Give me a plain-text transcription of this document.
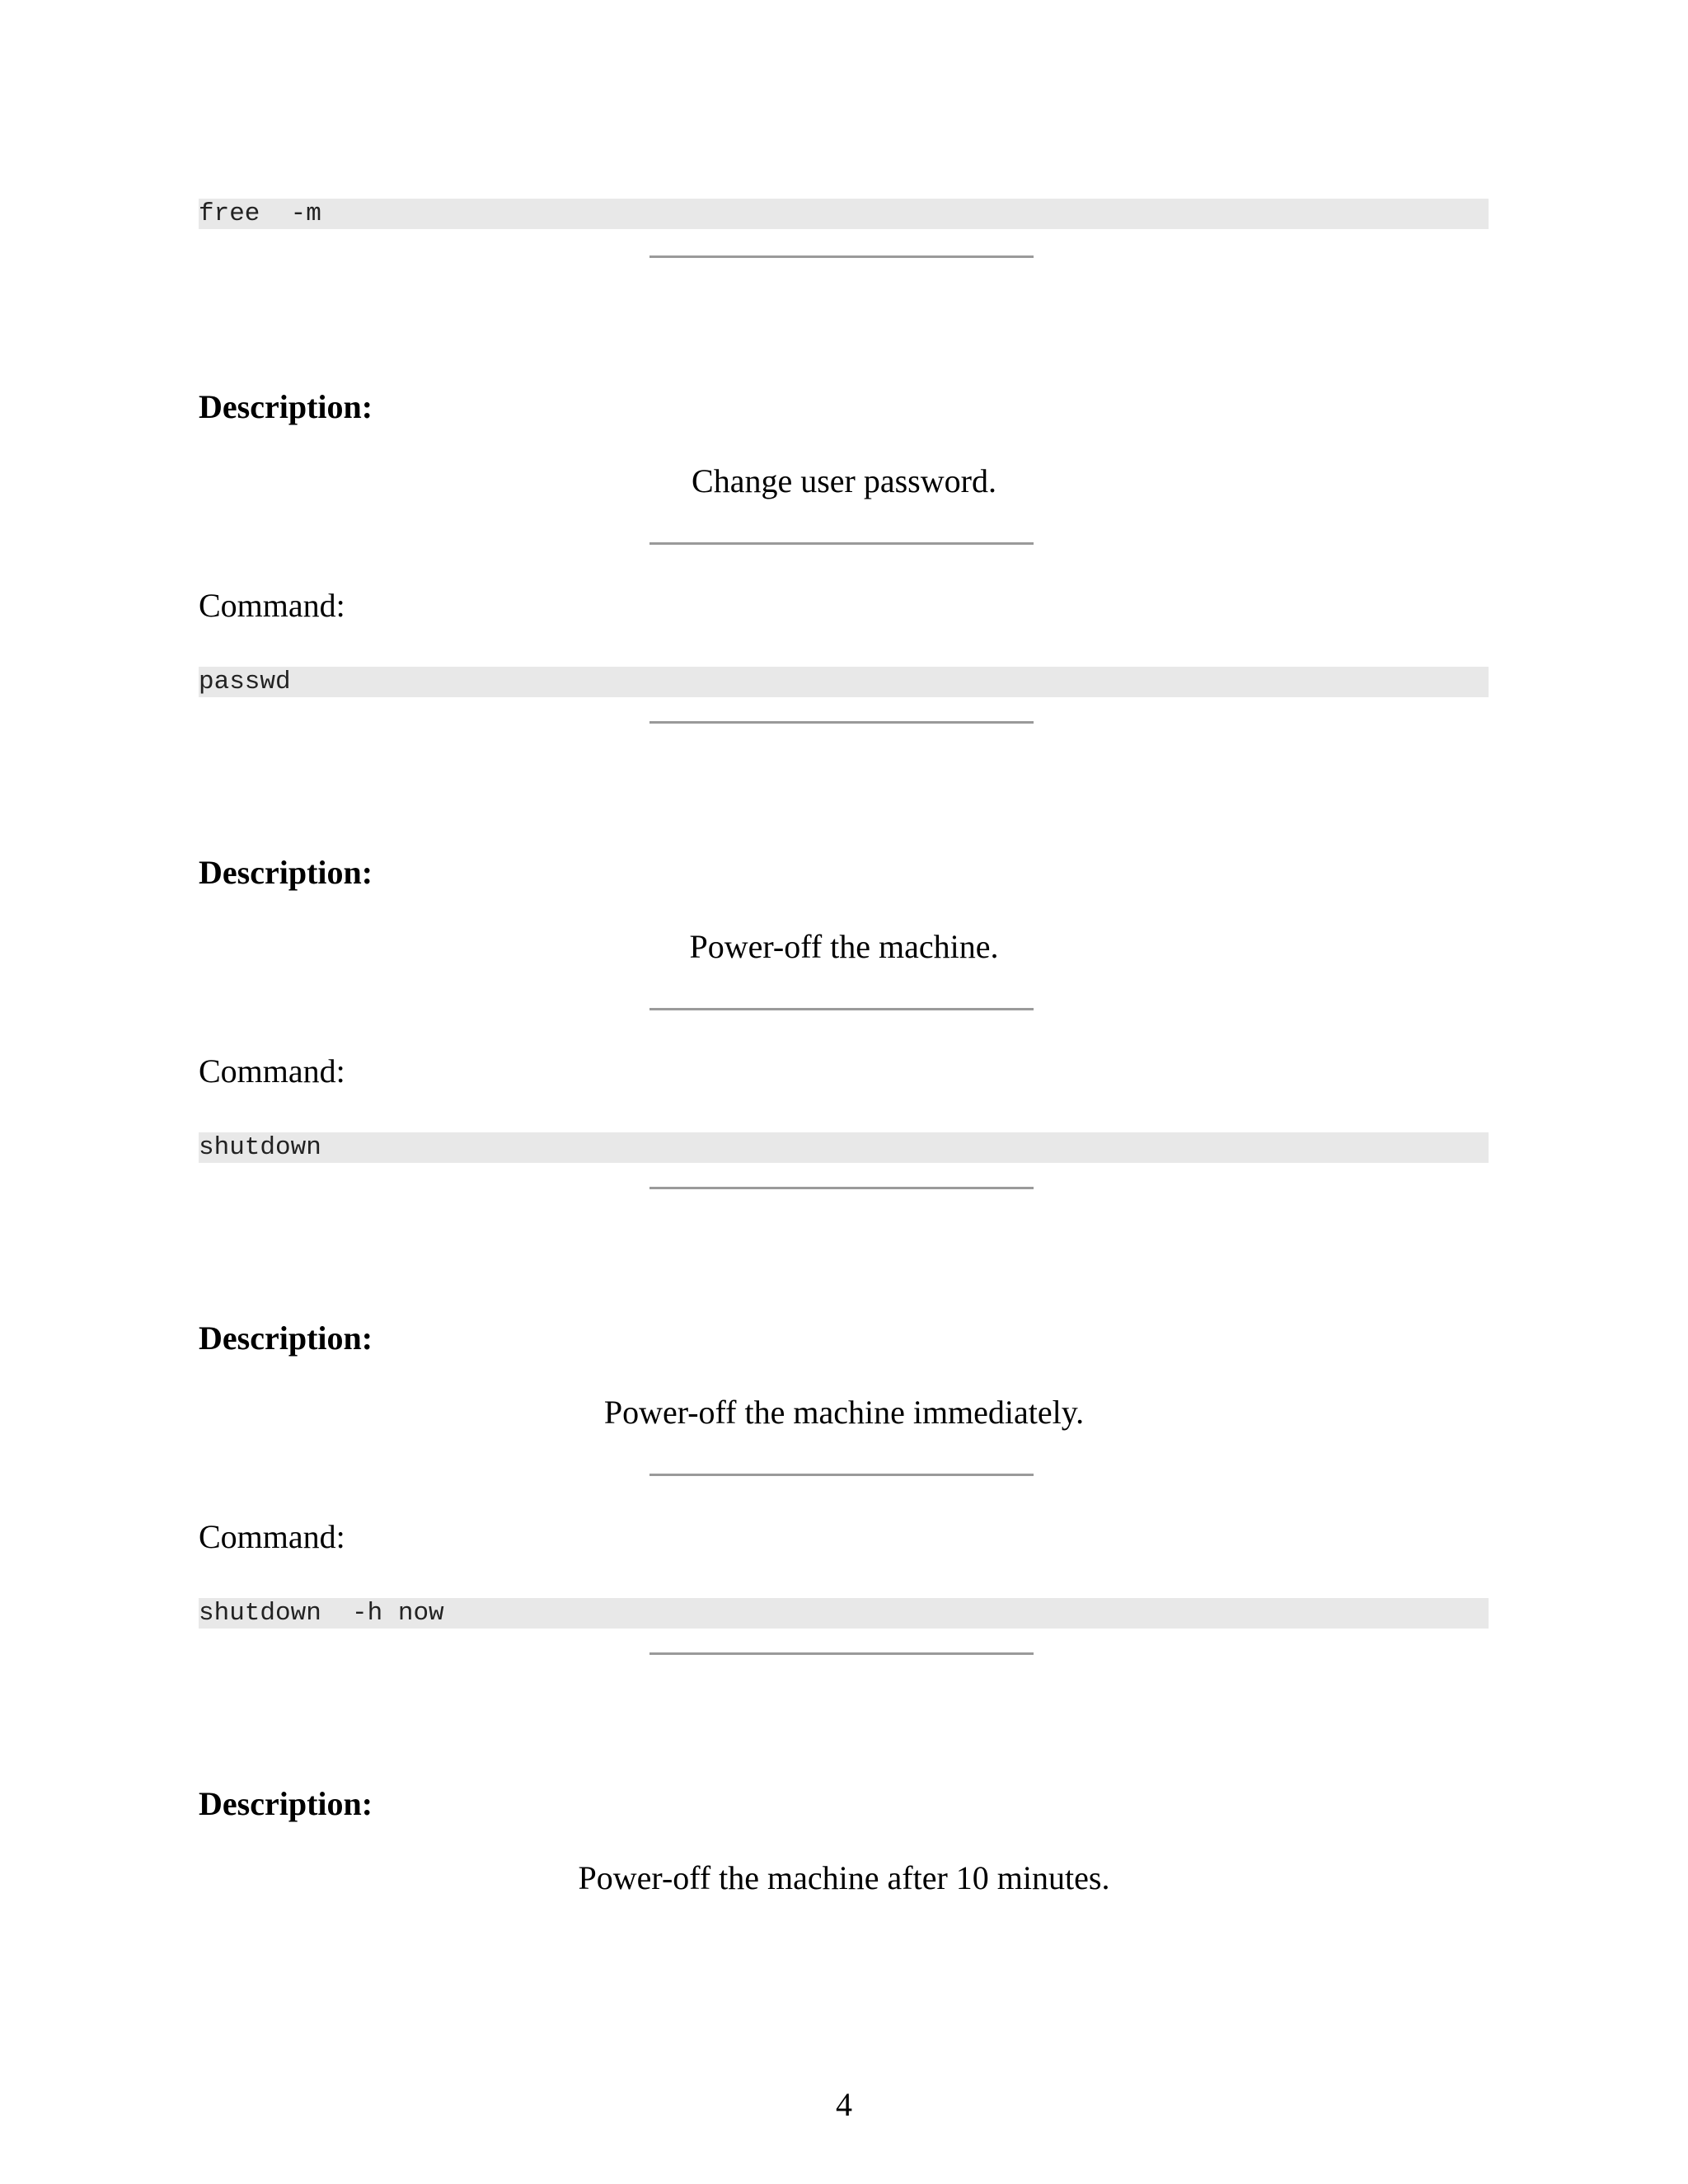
free  -m
Description:
Change user password.
Command:
passwd
Description:
Power-off the machine.
Command:
shutdown
Description:
Power-off the machine immediately.
Command:
shutdown  -h now
Description:
Power-off the machine after 10 minutes.
4
